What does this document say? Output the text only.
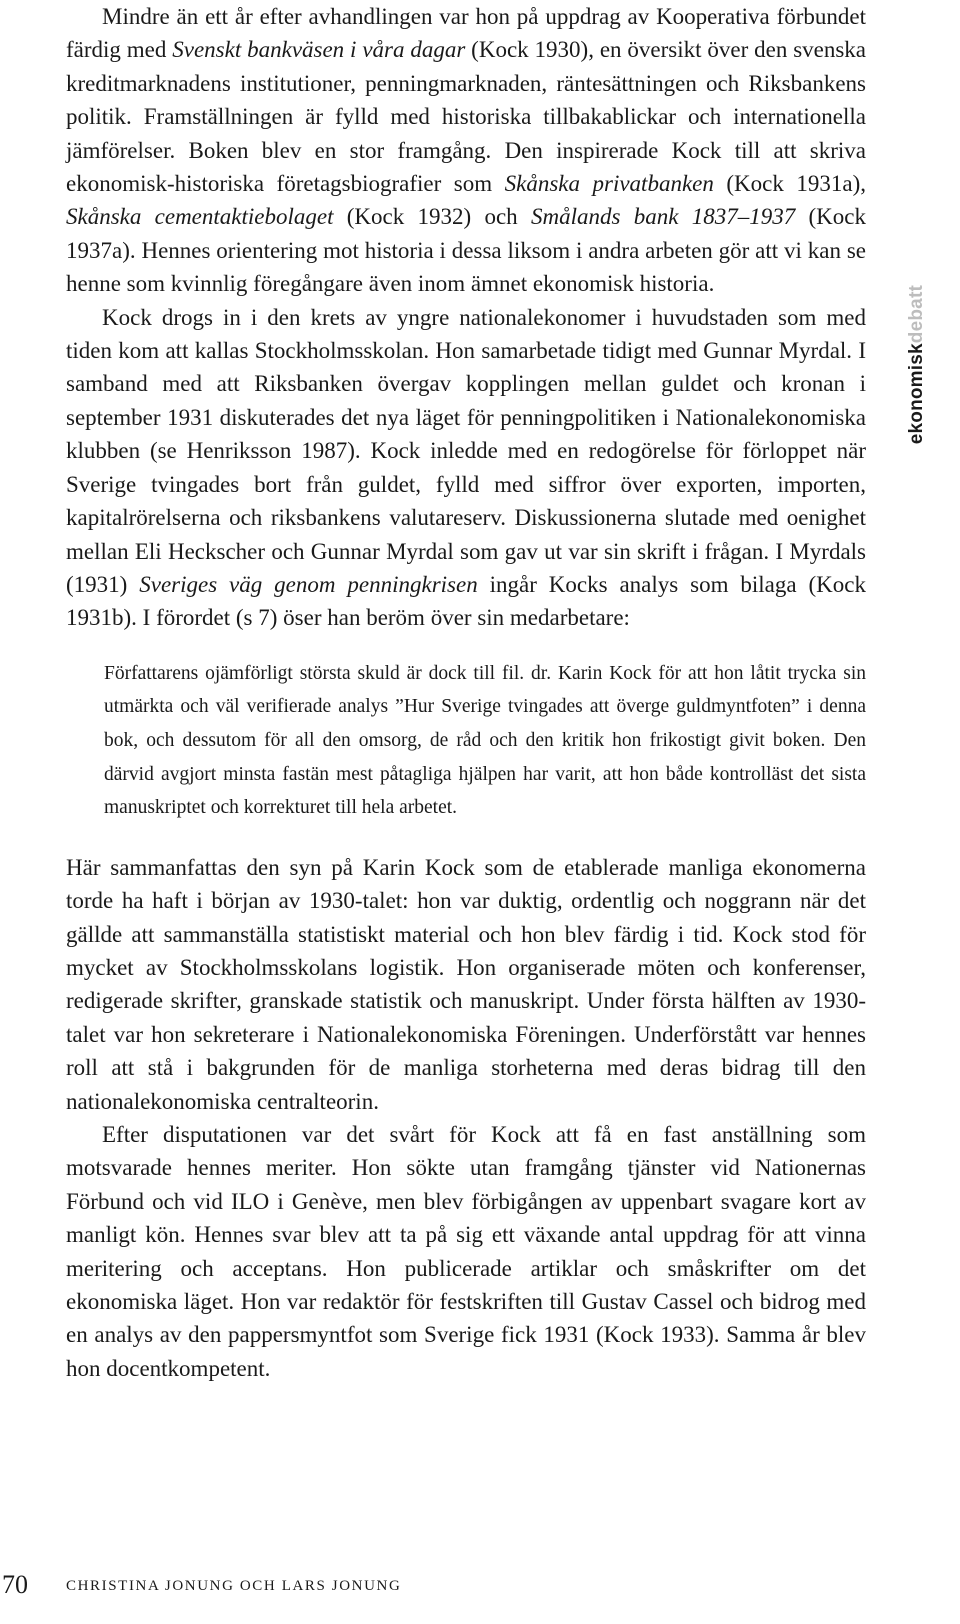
Mindre än ett år efter avhandlingen var hon på uppdrag av Kooperativa förbundet färdig med Svenskt bankväsen i våra dagar (Kock 1930), en översikt över den svenska kreditmarknadens institutioner, penningmarknaden, räntesättningen och Riksbankens politik. Framställningen är fylld med historiska tillbakablickar och internationella jämförelser. Boken blev en stor framgång. Den inspirerade Kock till att skriva ekonomisk-historiska företagsbiografier som Skånska privatbanken (Kock 1931a), Skånska cementaktiebolaget (Kock 1932) och Smålands bank 1837–1937 (Kock 1937a). Hennes orientering mot historia i dessa liksom i andra arbeten gör att vi kan se henne som kvinnlig föregångare även inom ämnet ekonomisk historia.

Kock drogs in i den krets av yngre nationalekonomer i huvudstaden som med tiden kom att kallas Stockholmsskolan. Hon samarbetade tidigt med Gunnar Myrdal. I samband med att Riksbanken övergav kopplingen mellan guldet och kronan i september 1931 diskuterades det nya läget för penningpolitiken i Nationalekonomiska klubben (se Henriksson 1987). Kock inledde med en redogörelse för förloppet när Sverige tvingades bort från guldet, fylld med siffror över exporten, importen, kapitalrörelserna och riksbankens valutareserv. Diskussionerna slutade med oenighet mellan Eli Heckscher och Gunnar Myrdal som gav ut var sin skrift i frågan. I Myrdals (1931) Sveriges väg genom penningkrisen ingår Kocks analys som bilaga (Kock 1931b). I förordet (s 7) öser han beröm över sin medarbetare:

Författarens ojämförligt största skuld är dock till fil. dr. Karin Kock för att hon låtit trycka sin utmärkta och väl verifierade analys ”Hur Sverige tvingades att överge guldmyntfoten” i denna bok, och dessutom för all den omsorg, de råd och den kritik hon frikostigt givit boken. Den därvid avgjort minsta fastän mest påtagliga hjälpen har varit, att hon både kontrolläst det sista manuskriptet och korrekturet till hela arbetet.

Här sammanfattas den syn på Karin Kock som de etablerade manliga ekonomerna torde ha haft i början av 1930-talet: hon var duktig, ordentlig och noggrann när det gällde att sammanställa statistiskt material och hon blev färdig i tid. Kock stod för mycket av Stockholmsskolans logistik. Hon organiserade möten och konferenser, redigerade skrifter, granskade statistik och manuskript. Under första hälften av 1930-talet var hon sekreterare i Nationalekonomiska Föreningen. Underförstått var hennes roll att stå i bakgrunden för de manliga storheterna med deras bidrag till den nationalekonomiska centralteorin.

Efter disputationen var det svårt för Kock att få en fast anställning som motsvarade hennes meriter. Hon sökte utan framgång tjänster vid Nationernas Förbund och vid ILO i Genève, men blev förbigången av uppenbart svagare kort av manligt kön. Hennes svar blev att ta på sig ett växande antal uppdrag för att vinna meritering och acceptans. Hon publicerade artiklar och småskrifter om det ekonomiska läget. Hon var redaktör för festskriften till Gustav Cassel och bidrog med en analys av den pappersmyntfot som Sverige fick 1931 (Kock 1933). Samma år blev hon docentkompetent.

ekonomiskdebatt
70	CHRISTINA JONUNG OCH LARS JONUNG
